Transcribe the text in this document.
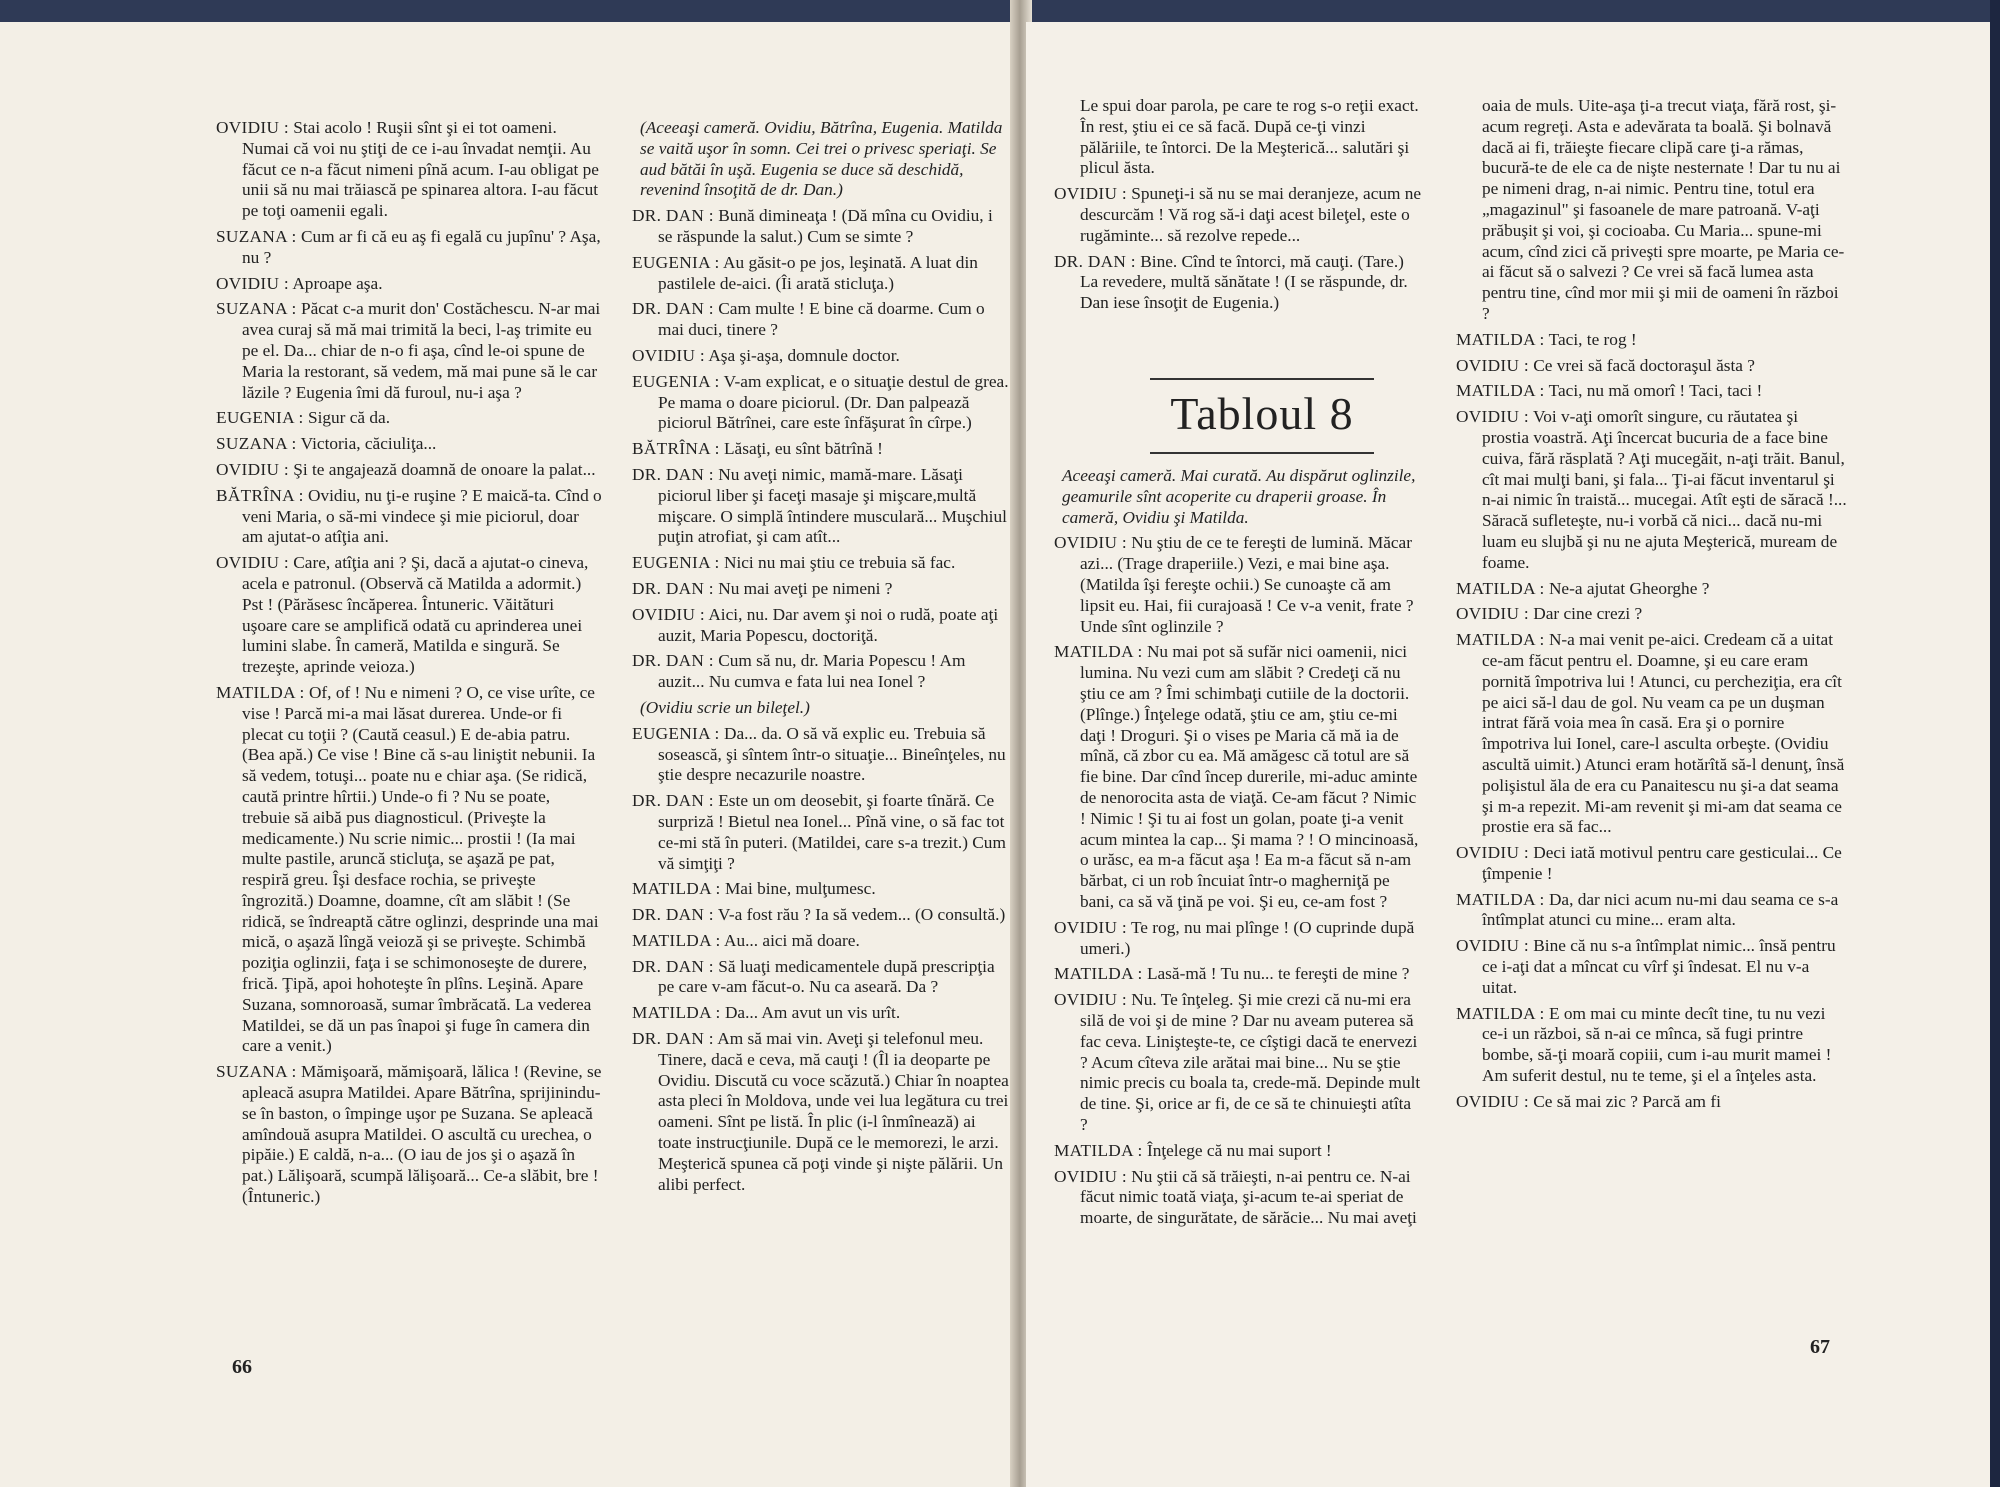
OVIDIU : Stai acolo ! Ruşii sînt şi ei tot oameni. Numai că voi nu ştiţi de ce i-au învadat nemţii. Au făcut ce n-a făcut nimeni pînă acum. I-au obligat pe unii să nu mai trăiască pe spinarea altora. I-au făcut pe toţi oamenii egali.

SUZANA : Cum ar fi că eu aş fi egală cu jupînu' ? Aşa, nu ?

OVIDIU : Aproape aşa.

SUZANA : Păcat c-a murit don' Costăchescu. N-ar mai avea curaj să mă mai trimită la beci, l-aş trimite eu pe el. Da... chiar de n-o fi aşa, cînd le-oi spune de Maria la restorant, să vedem, mă mai pune să le car lăzile ? Eugenia îmi dă furoul, nu-i aşa ?

EUGENIA : Sigur că da.

SUZANA : Victoria, căciuliţa...

OVIDIU : Şi te angajează doamnă de onoare la palat...

BĂTRÎNA : Ovidiu, nu ţi-e ruşine ? E maică-ta. Cînd o veni Maria, o să-mi vindece şi mie piciorul, doar am ajutat-o atîţia ani.

OVIDIU : Care, atîţia ani ? Şi, dacă a ajutat-o cineva, acela e patronul. (Observă că Matilda a adormit.) Pst ! (Părăsesc încăperea. Întuneric. Văitături uşoare care se amplifică odată cu aprinderea unei lumini slabe. În cameră, Matilda e singură. Se trezeşte, aprinde veioza.)

MATILDA : Of, of ! Nu e nimeni ? O, ce vise urîte, ce vise ! Parcă mi-a mai lăsat durerea. Unde-or fi plecat cu toţii ? (Caută ceasul.) E de-abia patru. (Bea apă.) Ce vise ! Bine că s-au liniştit nebunii. Ia să vedem, totuşi... poate nu e chiar aşa. (Se ridică, caută printre hîrtii.) Unde-o fi ? Nu se poate, trebuie să aibă pus diagnosticul. (Priveşte la medicamente.) Nu scrie nimic... prostii ! (Ia mai multe pastile, aruncă sticluţa, se aşază pe pat, respiră greu. Îşi desface rochia, se priveşte îngrozită.) Doamne, doamne, cît am slăbit ! (Se ridică, se îndreaptă către oglinzi, desprinde una mai mică, o aşază lîngă veioză şi se priveşte. Schimbă poziţia oglinzii, faţa i se schimonoseşte de durere, frică. Ţipă, apoi hohoteşte în plîns. Leşină. Apare Suzana, somnoroasă, sumar îmbrăcată. La vederea Matildei, se dă un pas înapoi şi fuge în camera din care a venit.)

SUZANA : Mămişoară, mămişoară, lălica ! (Revine, se apleacă asupra Matildei. Apare Bătrîna, sprijinindu-se în baston, o împinge uşor pe Suzana. Se apleacă amîndouă asupra Matildei. O ascultă cu urechea, o pipăie.) E caldă, n-a... (O iau de jos şi o aşază în pat.) Lălişoară, scumpă lălişoară... Ce-a slăbit, bre ! (Întuneric.)

(Aceeaşi cameră. Ovidiu, Bătrîna, Eugenia. Matilda se vaită uşor în somn. Cei trei o privesc speriaţi. Se aud bătăi în uşă. Eugenia se duce să deschidă, revenind însoţită de dr. Dan.)

DR. DAN : Bună dimineaţa ! (Dă mîna cu Ovidiu, i se răspunde la salut.) Cum se simte ?

EUGENIA : Au găsit-o pe jos, leşinată. A luat din pastilele de-aici. (Îi arată sticluţa.)

DR. DAN : Cam multe ! E bine că doarme. Cum o mai duci, tinere ?

OVIDIU : Aşa şi-aşa, domnule doctor.

EUGENIA : V-am explicat, e o situaţie destul de grea. Pe mama o doare piciorul. (Dr. Dan palpează piciorul Bătrînei, care este înfăşurat în cîrpe.)

BĂTRÎNA : Lăsaţi, eu sînt bătrînă !

DR. DAN : Nu aveţi nimic, mamă-mare. Lăsaţi piciorul liber şi faceţi masaje şi mişcare,multă mişcare. O simplă întindere musculară... Muşchiul puţin atrofiat, şi cam atît...

EUGENIA : Nici nu mai ştiu ce trebuia să fac.

DR. DAN : Nu mai aveţi pe nimeni ?

OVIDIU : Aici, nu. Dar avem şi noi o rudă, poate aţi auzit, Maria Popescu, doctoriţă.

DR. DAN : Cum să nu, dr. Maria Popescu ! Am auzit... Nu cumva e fata lui nea Ionel ?

(Ovidiu scrie un bileţel.)

EUGENIA : Da... da. O să vă explic eu. Trebuia să sosească, şi sîntem într-o situaţie... Bineînţeles, nu ştie despre necazurile noastre.

DR. DAN : Este un om deosebit, şi foarte tînără. Ce surpriză ! Bietul nea Ionel... Pînă vine, o să fac tot ce-mi stă în puteri. (Matildei, care s-a trezit.) Cum vă simţiţi ?

MATILDA : Mai bine, mulţumesc.

DR. DAN : V-a fost rău ? Ia să vedem... (O consultă.)

MATILDA : Au... aici mă doare.

DR. DAN : Să luaţi medicamentele după prescripţia pe care v-am făcut-o. Nu ca aseară. Da ?

MATILDA : Da... Am avut un vis urît.

DR. DAN : Am să mai vin. Aveţi şi telefonul meu. Tinere, dacă e ceva, mă cauţi ! (Îl ia deoparte pe Ovidiu. Discută cu voce scăzută.) Chiar în noaptea asta pleci în Moldova, unde vei lua legătura cu trei oameni. Sînt pe listă. În plic (i-l înmînează) ai toate instrucţiunile. După ce le memorezi, le arzi. Meşterică spunea că poţi vinde şi nişte pălării. Un alibi perfect.

Le spui doar parola, pe care te rog s-o reţii exact. În rest, ştiu ei ce să facă. După ce-ţi vinzi pălăriile, te întorci. De la Meşterică... salutări şi plicul ăsta.

OVIDIU : Spuneţi-i să nu se mai deranjeze, acum ne descurcăm ! Vă rog să-i daţi acest bileţel, este o rugăminte... să rezolve repede...

DR. DAN : Bine. Cînd te întorci, mă cauţi. (Tare.) La revedere, multă sănătate ! (I se răspunde, dr. Dan iese însoţit de Eugenia.)

Tabloul 8

Aceeaşi cameră. Mai curată. Au dispărut oglinzile, geamurile sînt acoperite cu draperii groase. În cameră, Ovidiu şi Matilda.

OVIDIU : Nu ştiu de ce te fereşti de lumină. Măcar azi... (Trage draperiile.) Vezi, e mai bine aşa. (Matilda îşi fereşte ochii.) Se cunoaşte că am lipsit eu. Hai, fii curajoasă ! Ce v-a venit, frate ? Unde sînt oglinzile ?

MATILDA : Nu mai pot să sufăr nici oamenii, nici lumina. Nu vezi cum am slăbit ? Credeţi că nu ştiu ce am ? Îmi schimbaţi cutiile de la doctorii. (Plînge.) Înţelege odată, ştiu ce am, ştiu ce-mi daţi ! Droguri. Şi o vises pe Maria că mă ia de mînă, că zbor cu ea. Mă amăgesc că totul are să fie bine. Dar cînd încep durerile, mi-aduc aminte de nenorocita asta de viaţă. Ce-am făcut ? Nimic ! Nimic ! Şi tu ai fost un golan, poate ţi-a venit acum mintea la cap... Şi mama ? ! O mincinoasă, o urăsc, ea m-a făcut aşa ! Ea m-a făcut să n-am bărbat, ci un rob încuiat într-o magherniţă pe bani, ca să vă ţină pe voi. Şi eu, ce-am fost ?

OVIDIU : Te rog, nu mai plînge ! (O cuprinde după umeri.)

MATILDA : Lasă-mă ! Tu nu... te fereşti de mine ?

OVIDIU : Nu. Te înţeleg. Şi mie crezi că nu-mi era silă de voi şi de mine ? Dar nu aveam puterea să fac ceva. Linişteşte-te, ce cîştigi dacă te enervezi ? Acum cîteva zile arătai mai bine... Nu se ştie nimic precis cu boala ta, crede-mă. Depinde mult de tine. Şi, orice ar fi, de ce să te chinuieşti atîta ?

MATILDA : Înţelege că nu mai suport !

OVIDIU : Nu ştii că să trăieşti, n-ai pentru ce. N-ai făcut nimic toată viaţa, şi-acum te-ai speriat de moarte, de singurătate, de sărăcie... Nu mai aveţi

oaia de muls. Uite-aşa ţi-a trecut viaţa, fără rost, şi-acum regreţi. Asta e adevărata ta boală. Şi bolnavă dacă ai fi, trăieşte fiecare clipă care ţi-a rămas, bucură-te de ele ca de nişte nesternate ! Dar tu nu ai pe nimeni drag, n-ai nimic. Pentru tine, totul era „magazinul" şi fasoanele de mare patroană. V-aţi prăbuşit şi voi, şi cocioaba. Cu Maria... spune-mi acum, cînd zici că priveşti spre moarte, pe Maria ce-ai făcut să o salvezi ? Ce vrei să facă lumea asta pentru tine, cînd mor mii şi mii de oameni în război ?

MATILDA : Taci, te rog !

OVIDIU : Ce vrei să facă doctoraşul ăsta ?

MATILDA : Taci, nu mă omorî ! Taci, taci !

OVIDIU : Voi v-aţi omorît singure, cu răutatea şi prostia voastră. Aţi încercat bucuria de a face bine cuiva, fără răsplată ? Aţi mucegăit, n-aţi trăit. Banul, cît mai mulţi bani, şi fala... Ţi-ai făcut inventarul şi n-ai nimic în traistă... mucegai. Atît eşti de săracă !... Săracă sufleteşte, nu-i vorbă că nici... dacă nu-mi luam eu slujbă şi nu ne ajuta Meşterică, muream de foame.

MATILDA : Ne-a ajutat Gheorghe ?

OVIDIU : Dar cine crezi ?

MATILDA : N-a mai venit pe-aici. Credeam că a uitat ce-am făcut pentru el. Doamne, şi eu care eram pornită împotriva lui ! Atunci, cu percheziţia, era cît pe aici să-l dau de gol. Nu veam ca pe un duşman intrat fără voia mea în casă. Era şi o pornire împotriva lui Ionel, care-l asculta orbeşte. (Ovidiu ascultă uimit.) Atunci eram hotărîtă să-l denunţ, însă polişistul ăla de era cu Panaitescu nu şi-a dat seama şi m-a repezit. Mi-am revenit şi mi-am dat seama ce prostie era să fac...

OVIDIU : Deci iată motivul pentru care gesticulai... Ce ţîmpenie !

MATILDA : Da, dar nici acum nu-mi dau seama ce s-a întîmplat atunci cu mine... eram alta.

OVIDIU : Bine că nu s-a întîmplat nimic... însă pentru ce i-aţi dat a mîncat cu vîrf şi îndesat. El nu v-a uitat.

MATILDA : E om mai cu minte decît tine, tu nu vezi ce-i un război, să n-ai ce mînca, să fugi printre bombe, să-ţi moară copiii, cum i-au murit mamei ! Am suferit destul, nu te teme, şi el a înţeles asta.

OVIDIU : Ce să mai zic ? Parcă am fi

66
67
